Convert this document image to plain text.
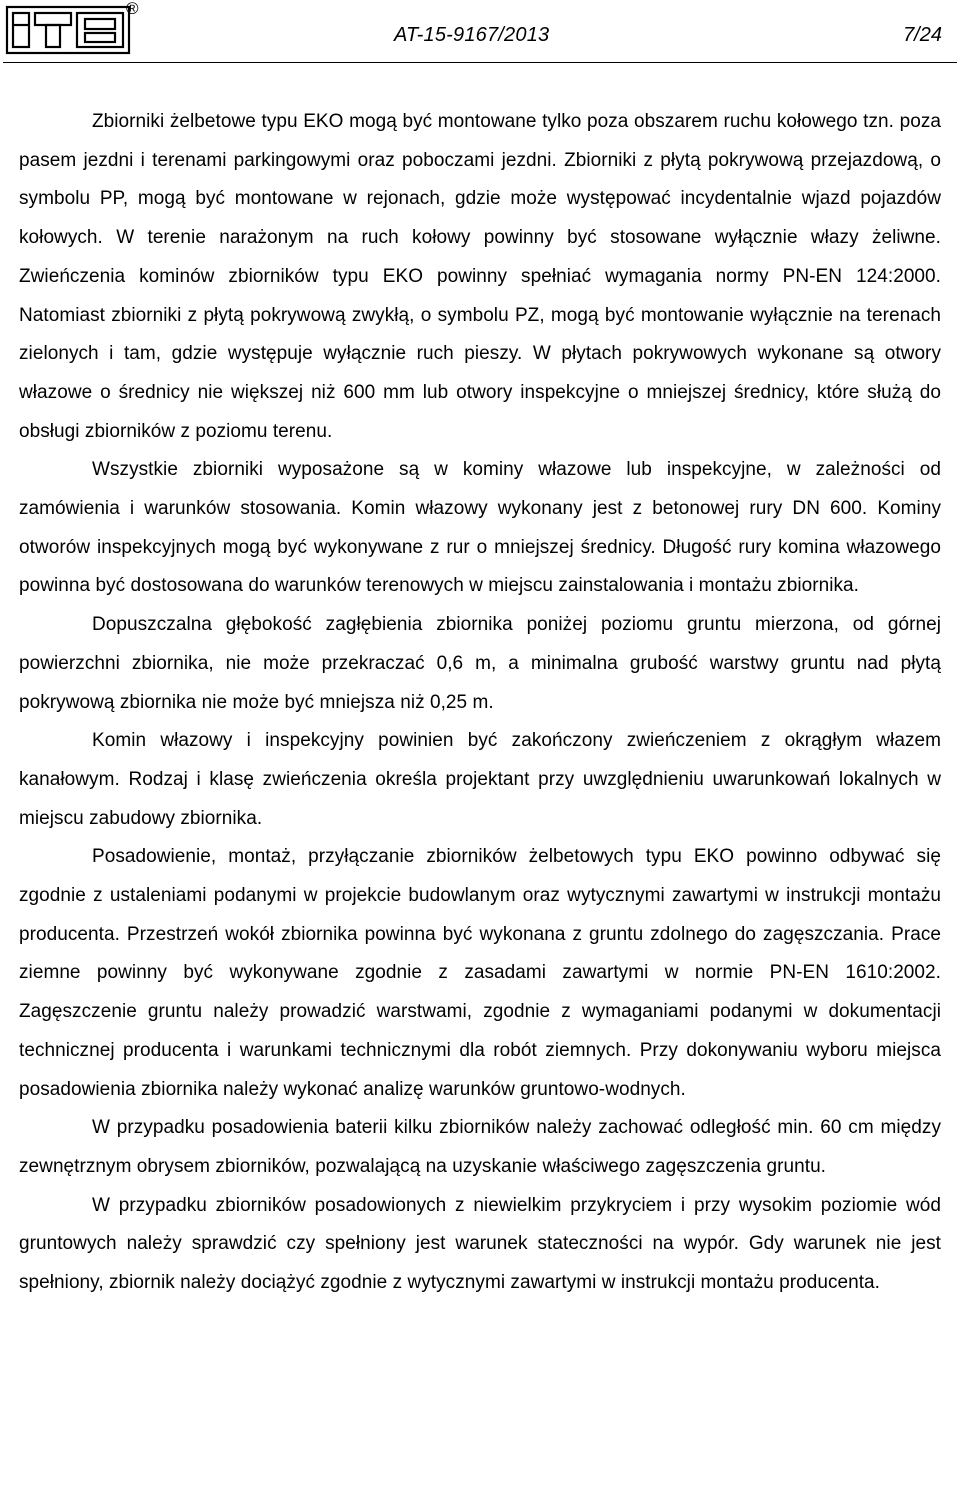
®
AT-15-9167/2013	7/24

Zbiorniki żelbetowe typu EKO mogą być montowane tylko poza obszarem ruchu kołowego tzn. poza pasem jezdni i terenami parkingowymi oraz poboczami jezdni. Zbiorniki z płytą pokrywową przejazdową, o symbolu PP, mogą być montowane w rejonach, gdzie może występować incydentalnie wjazd pojazdów kołowych. W terenie narażonym na ruch kołowy powinny być stosowane wyłącznie włazy żeliwne. Zwieńczenia kominów zbiorników typu EKO powinny spełniać wymagania normy PN-EN 124:2000. Natomiast zbiorniki z płytą pokrywową zwykłą, o symbolu PZ, mogą być montowanie wyłącznie na terenach zielonych i tam, gdzie występuje wyłącznie ruch pieszy. W płytach pokrywowych wykonane są otwory włazowe o średnicy nie większej niż 600 mm lub otwory inspekcyjne o mniejszej średnicy, które służą do obsługi zbiorników z poziomu terenu.

Wszystkie zbiorniki wyposażone są w kominy włazowe lub inspekcyjne, w zależności od zamówienia i warunków stosowania. Komin włazowy wykonany jest z betonowej rury DN 600. Kominy otworów inspekcyjnych mogą być wykonywane z rur o mniejszej średnicy. Długość rury komina włazowego powinna być dostosowana do warunków terenowych w miejscu zainstalowania i montażu zbiornika.

Dopuszczalna głębokość zagłębienia zbiornika poniżej poziomu gruntu mierzona, od górnej powierzchni zbiornika, nie może przekraczać 0,6 m, a minimalna grubość warstwy gruntu nad płytą pokrywową zbiornika nie może być mniejsza niż 0,25 m.

Komin włazowy i inspekcyjny powinien być zakończony zwieńczeniem z okrągłym włazem kanałowym. Rodzaj i klasę zwieńczenia określa projektant przy uwzględnieniu uwarunkowań lokalnych w miejscu zabudowy zbiornika.

Posadowienie, montaż, przyłączanie zbiorników żelbetowych typu EKO powinno odbywać się zgodnie z ustaleniami podanymi w projekcie budowlanym oraz wytycznymi zawartymi w instrukcji montażu producenta. Przestrzeń wokół zbiornika powinna być wykonana z gruntu zdolnego do zagęszczania. Prace ziemne powinny być wykonywane zgodnie z zasadami zawartymi w normie PN-EN 1610:2002. Zagęszczenie gruntu należy prowadzić warstwami, zgodnie z wymaganiami podanymi w dokumentacji technicznej producenta i warunkami technicznymi dla robót ziemnych. Przy dokonywaniu wyboru miejsca posadowienia zbiornika należy wykonać analizę warunków gruntowo-wodnych.

W przypadku posadowienia baterii kilku zbiorników należy zachować odległość min. 60 cm między zewnętrznym obrysem zbiorników, pozwalającą na uzyskanie właściwego zagęszczenia gruntu.

W przypadku zbiorników posadowionych z niewielkim przykryciem i przy wysokim poziomie wód gruntowych należy sprawdzić czy spełniony jest warunek stateczności na wypór. Gdy warunek nie jest spełniony, zbiornik należy dociążyć zgodnie z wytycznymi zawartymi w instrukcji montażu producenta.
